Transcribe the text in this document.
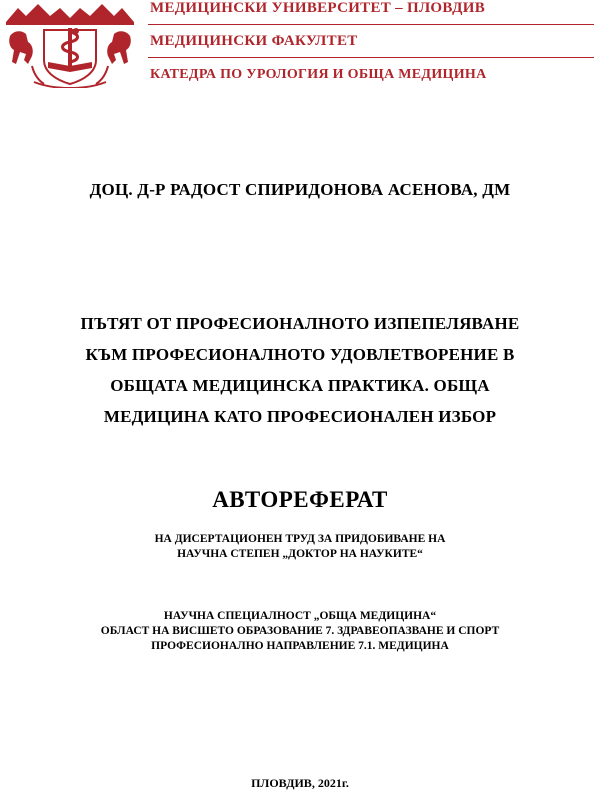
МЕДИЦИНСКИ УНИВЕРСИТЕТ – ПЛОВДИВ
МЕДИЦИНСКИ ФАКУЛТЕТ
КАТЕДРА ПО УРОЛОГИЯ И ОБЩА МЕДИЦИНА
ДОЦ. Д-Р РАДОСТ СПИРИДОНОВА АСЕНОВА, ДМ
ПЪТЯТ ОТ ПРОФЕСИОНАЛНОТО ИЗПЕПЕЛЯВАНЕ
КЪМ ПРОФЕСИОНАЛНОТО УДОВЛЕТВОРЕНИЕ В
ОБЩАТА МЕДИЦИНСКА ПРАКТИКА. ОБЩА
МЕДИЦИНА КАТО ПРОФЕСИОНАЛЕН ИЗБОР
АВТОРЕФЕРАТ
НА ДИСЕРТАЦИОНЕН ТРУД ЗА ПРИДОБИВАНЕ НА
НАУЧНА СТЕПЕН „ДОКТОР НА НАУКИТЕ“
НАУЧНА СПЕЦИАЛНОСТ „ОБЩА МЕДИЦИНА“
ОБЛАСТ НА ВИСШЕТО ОБРАЗОВАНИЕ 7. ЗДРАВЕОПАЗВАНЕ И СПОРТ
ПРОФЕСИОНАЛНО НАПРАВЛЕНИЕ 7.1. МЕДИЦИНА
ПЛОВДИВ, 2021г.
